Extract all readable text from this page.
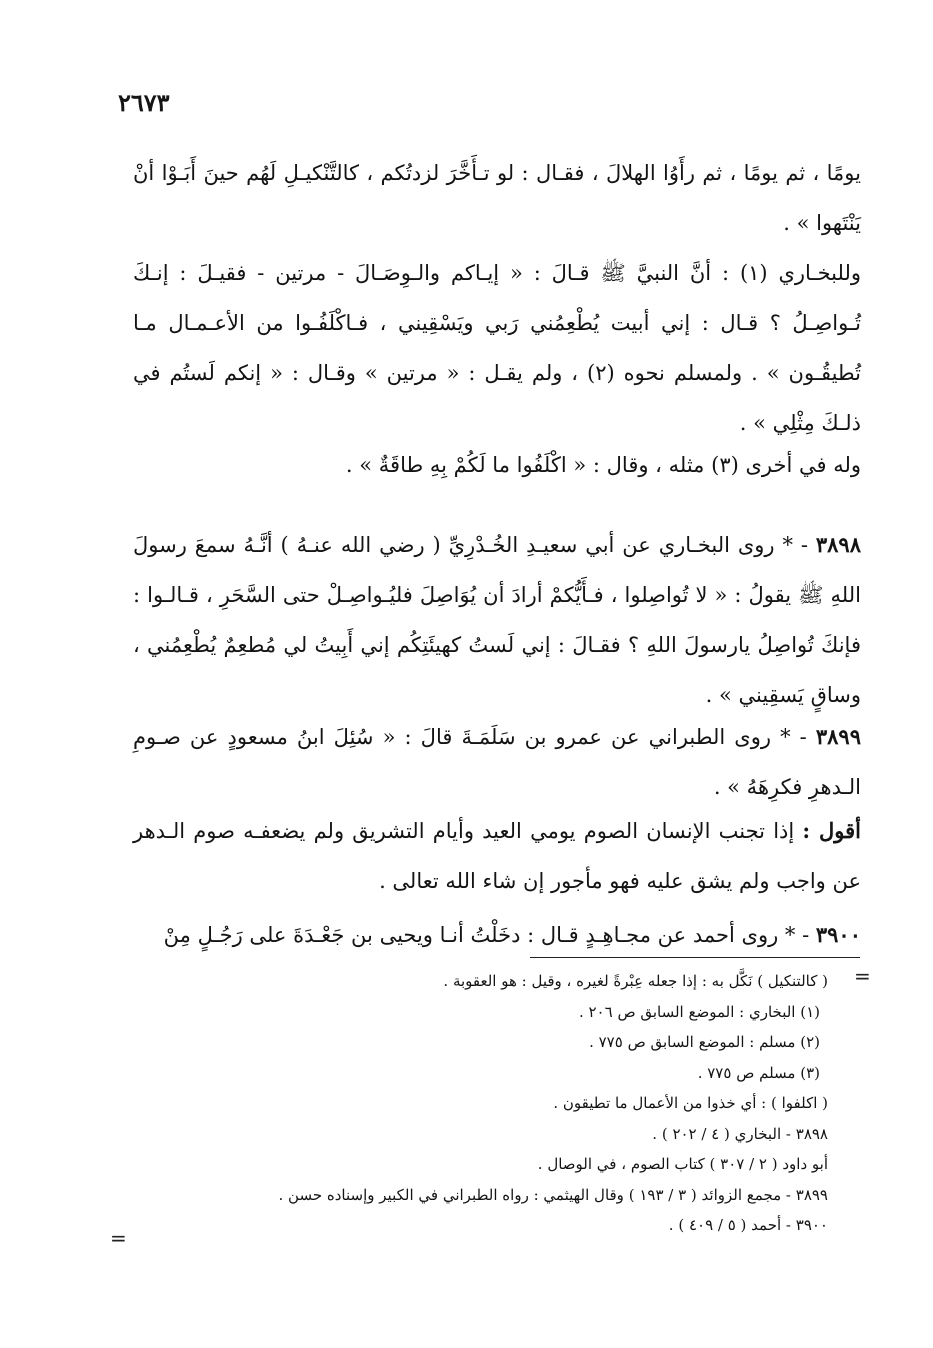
٢٦٧٣

يومًا ، ثم يومًا ، ثم رأَوُا الهلالَ ، فقـال : لو تـأَخَّرَ لزدتُكم ، كالتَّنْكيـلِ لَهُم حينَ أَبَـوْا أنْ يَنْتَهوا » .

وللبخـاري (١) : أنَّ النبيَّ ﷺ قـالَ : « إيـاكم والـوِصَـالَ - مرتين - فقيـلَ : إنـكَ تُـواصِـلُ ؟ قـال : إني أبيت يُطْعِمُني رَبي ويَسْقِيني ، فـاكْلَفُـوا من الأعـمـال مـا تُطيقُـون » . ولمسلم نحوه (٢) ، ولم يقـل : « مرتين » وقـال : « إنكم لَستُم في ذلـكَ مِثْلِي » .

وله في أخرى (٣) مثله ، وقال : « اكْلَفُوا ما لَكُمْ بِهِ طاقَةٌ » .

٣٨٩٨ - * روى البخـاري عن أبي سعيـدِ الخُـدْرِيِّ ( رضي الله عنـهُ ) أنَّـهُ سمعَ رسولَ اللهِ ﷺ يقولُ : « لا تُواصِلوا ، فـأَيُّكمْ أرادَ أن يُوَاصِلَ فليُـواصِـلْ حتى السَّحَرِ ، قـالـوا : فإنكَ تُواصِلُ يارسولَ اللهِ ؟ فقـالَ : إني لَستُ كهيئَتِكُم إني أَبِيتُ لي مُطعِمٌ يُطْعِمُني ، وساقٍ يَسقِيني » .

٣٨٩٩ - * روى الطبراني عن عمرو بن سَلَمَـةَ قالَ : « سُئِلَ ابنُ مسعودٍ عن صـومِ الـدهرِ فكرِهَهُ » .

أقول : إذا تجنب الإنسان الصوم يومي العيد وأيام التشريق ولم يضعفـه صوم الـدهر عن واجب ولم يشق عليه فهو مأجور إن شاء الله تعالى .

٣٩٠٠ - * روى أحمد عن مجـاهِـدٍ قـال : دخَلْتُ أنـا ويحيى بن جَعْـدَةَ على رَجُـلٍ مِنْ

=

( كالتنكيل ) نَكَّل به : إذا جعله عِبْرةً لغيره ، وقيل : هو العقوبة .

(١) البخاري : الموضع السابق ص ٢٠٦ .

(٢) مسلم : الموضع السابق ص ٧٧٥ .

(٣) مسلم ص ٧٧٥ .

( اكلفوا ) : أي خذوا من الأعمال ما تطيقون .

٣٨٩٨ - البخاري ( ٤ / ٢٠٢ ) .

أبو داود ( ٢ / ٣٠٧ ) كتاب الصوم ، في الوصال .

٣٨٩٩ - مجمع الزوائد ( ٣ / ١٩٣ ) وقال الهيثمي : رواه الطبراني في الكبير وإسناده حسن .

٣٩٠٠ - أحمد ( ٥ / ٤٠٩ ) .

=
